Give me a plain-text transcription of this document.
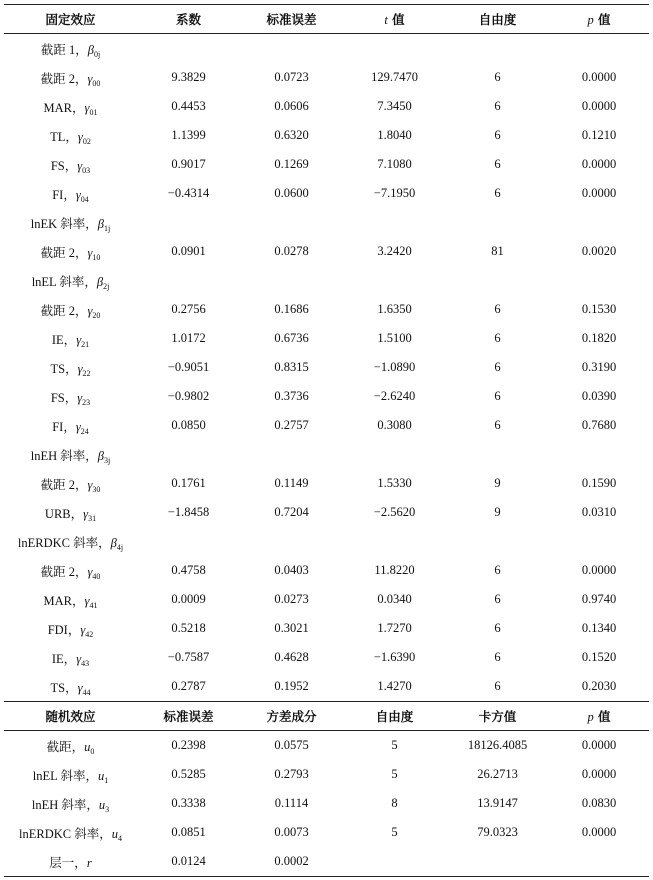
固定效应	系数	标准误差	t 值	自由度	p 值
截距 1，$\beta_{0j}$					
截距 2，$\gamma_{00}$	9.3829	0.0723	129.7470	6	0.0000
MAR，$\gamma_{01}$	0.4453	0.0606	7.3450	6	0.0000
TL，$\gamma_{02}$	1.1399	0.6320	1.8040	6	0.1210
FS，$\gamma_{03}$	0.9017	0.1269	7.1080	6	0.0000
FI，$\gamma_{04}$	−0.4314	0.0600	−7.1950	6	0.0000
lnEK 斜率，$\beta_{1j}$					
截距 2，$\gamma_{10}$	0.0901	0.0278	3.2420	81	0.0020
lnEL 斜率，$\beta_{2j}$					
截距 2，$\gamma_{20}$	0.2756	0.1686	1.6350	6	0.1530
IE，$\gamma_{21}$	1.0172	0.6736	1.5100	6	0.1820
TS，$\gamma_{22}$	−0.9051	0.8315	−1.0890	6	0.3190
FS，$\gamma_{23}$	−0.9802	0.3736	−2.6240	6	0.0390
FI，$\gamma_{24}$	0.0850	0.2757	0.3080	6	0.7680
lnEH 斜率，$\beta_{3j}$					
截距 2，$\gamma_{30}$	0.1761	0.1149	1.5330	9	0.1590
URB，$\gamma_{31}$	−1.8458	0.7204	−2.5620	9	0.0310
lnERDKC 斜率，$\beta_{4j}$					
截距 2，$\gamma_{40}$	0.4758	0.0403	11.8220	6	0.0000
MAR，$\gamma_{41}$	0.0009	0.0273	0.0340	6	0.9740
FDI，$\gamma_{42}$	0.5218	0.3021	1.7270	6	0.1340
IE，$\gamma_{43}$	−0.7587	0.4628	−1.6390	6	0.1520
TS，$\gamma_{44}$	0.2787	0.1952	1.4270	6	0.2030
随机效应	标准误差	方差成分	自由度	卡方值	p 值
截距，$u_0$	0.2398	0.0575	5	18126.4085	0.0000
lnEL 斜率，$u_1$	0.5285	0.2793	5	26.2713	0.0000
lnEH 斜率，$u_3$	0.3338	0.1114	8	13.9147	0.0830
lnERDKC 斜率，$u_4$	0.0851	0.0073	5	79.0323	0.0000
层一，r	0.0124	0.0002			
